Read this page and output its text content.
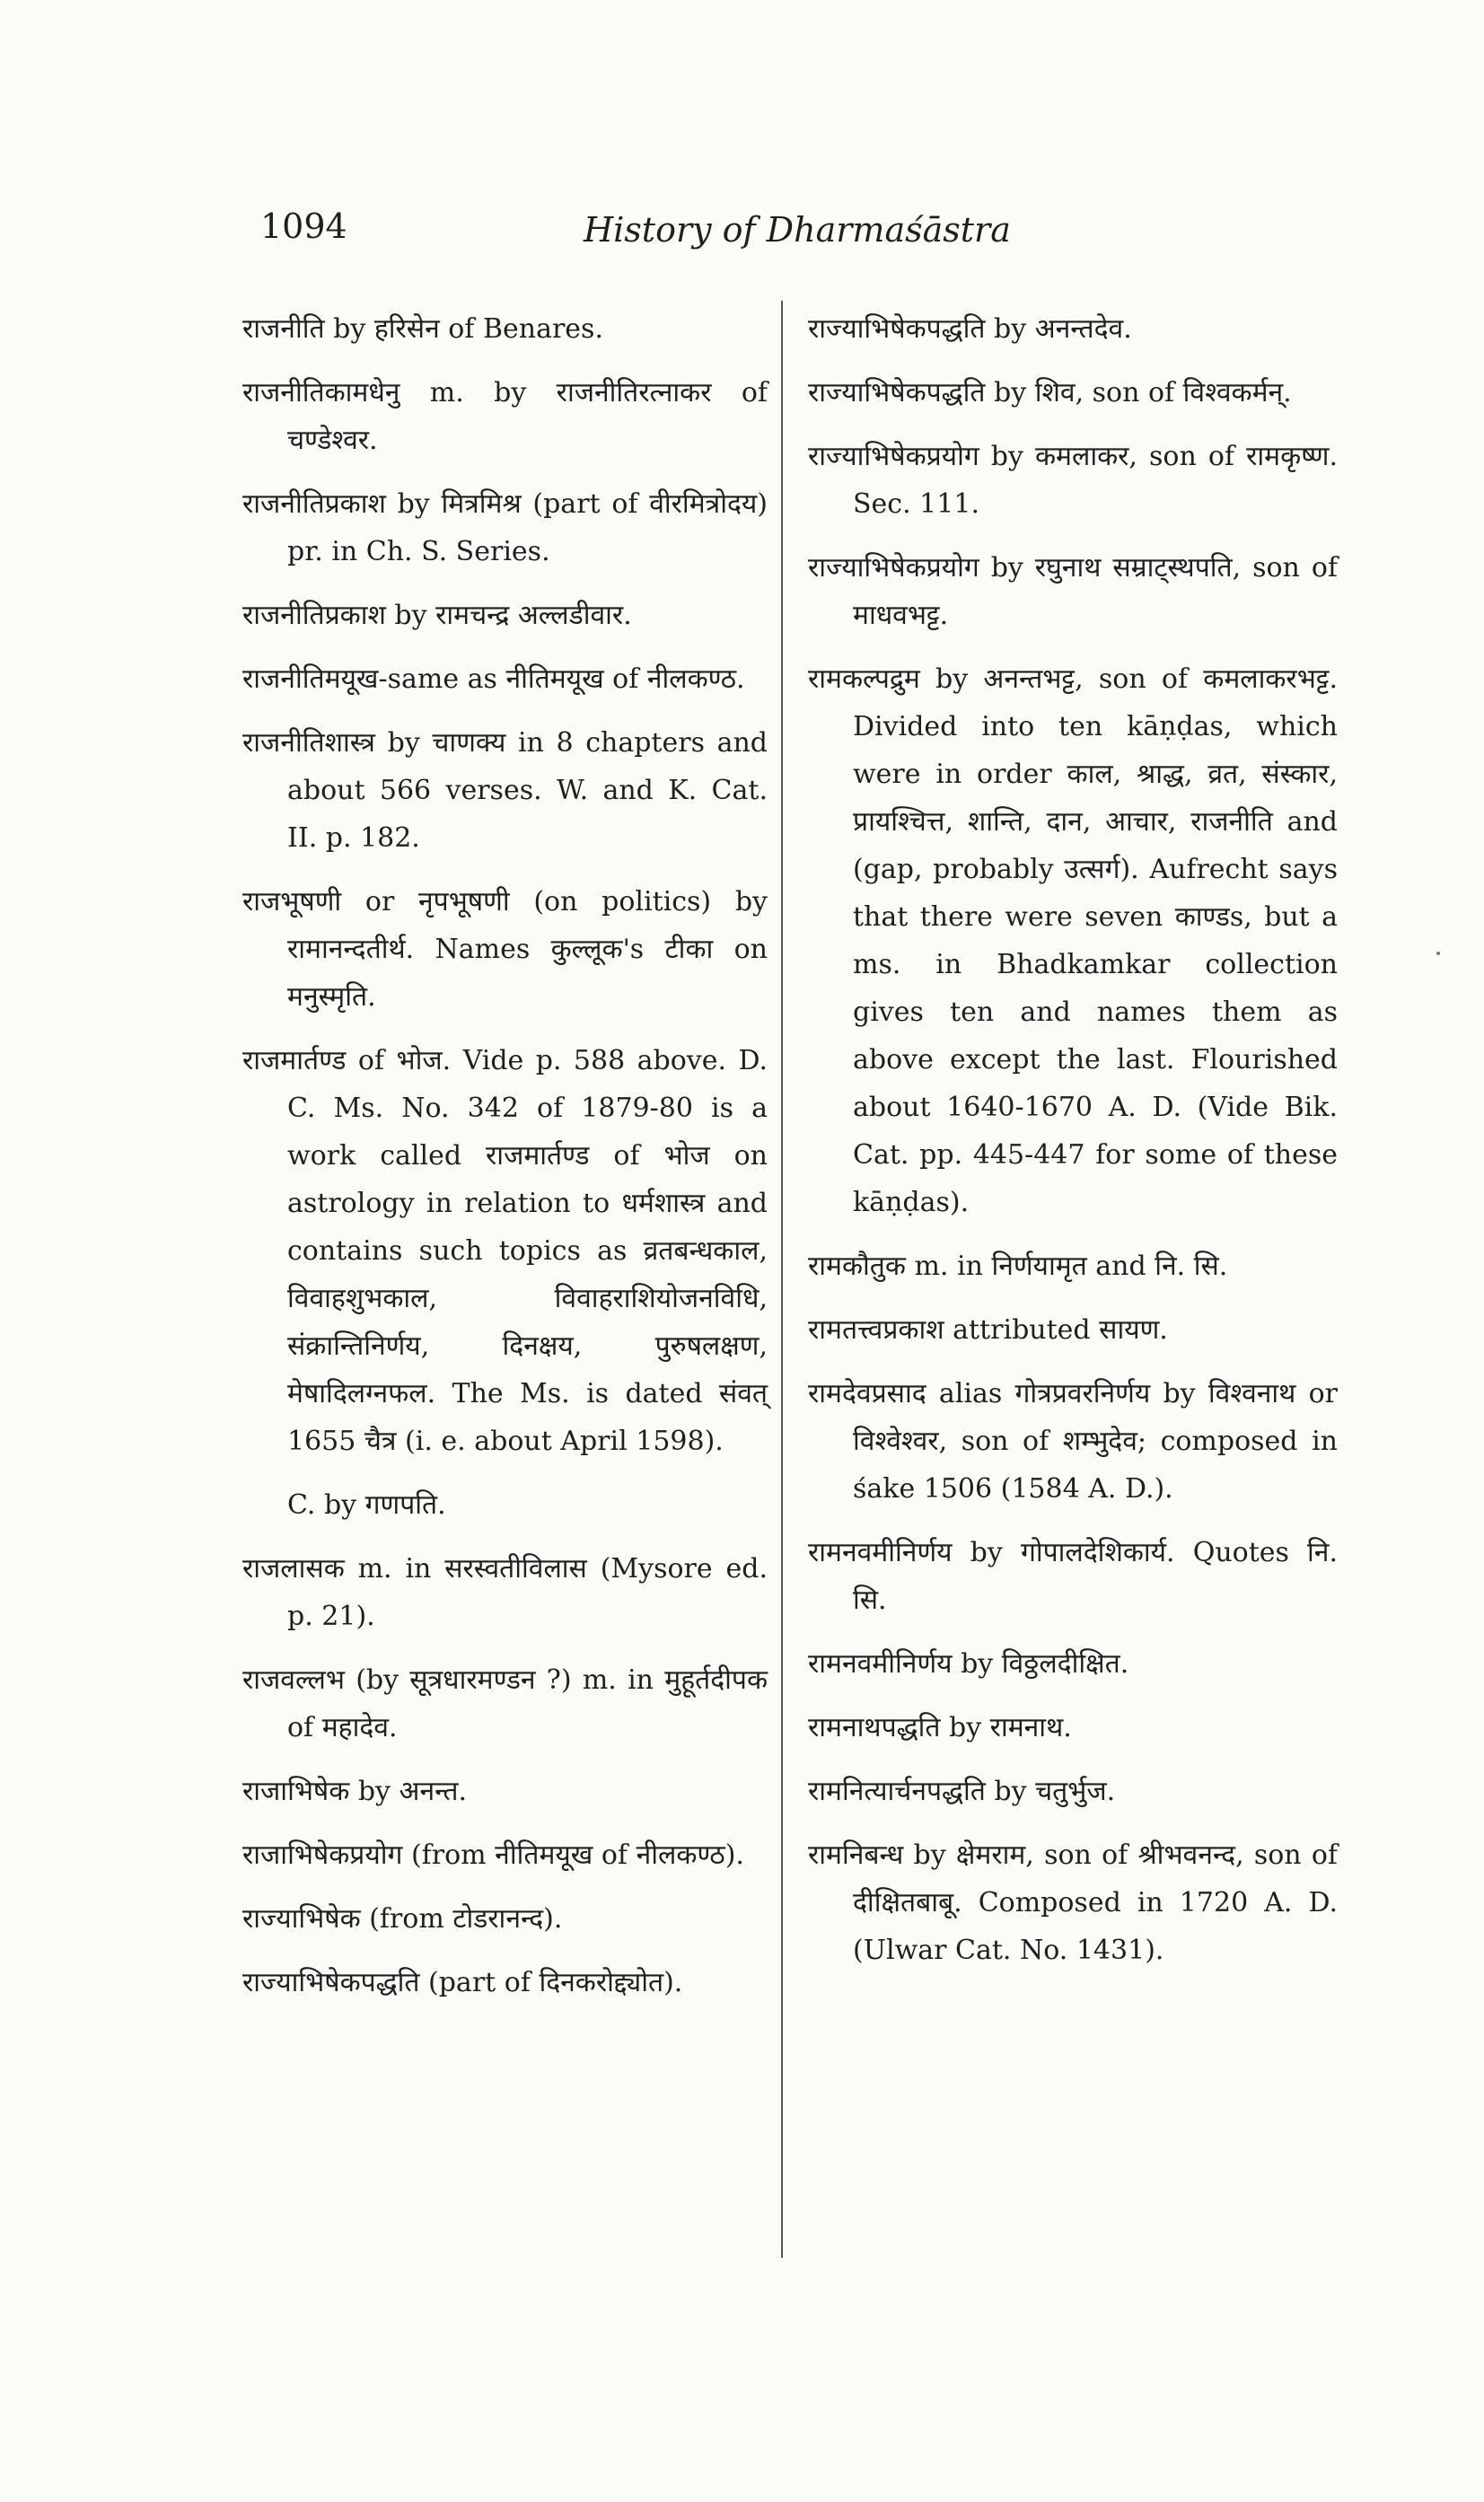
1094	History of Dharmaśāstra
राजनीति by हरिसेन of Benares.
राजनीतिकामधेनु m. by राजनीतिरत्नाकर of चण्डेश्वर.
राजनीतिप्रकाश by मित्रमिश्र (part of वीरमित्रोदय) pr. in Ch. S. Series.
राजनीतिप्रकाश by रामचन्द्र अल्लडीवार.
राजनीतिमयूख-same as नीतिमयूख of नीलकण्ठ.
राजनीतिशास्त्र by चाणक्य in 8 chapters and about 566 verses. W. and K. Cat. II. p. 182.
राजभूषणी or नृपभूषणी (on politics) by रामानन्दतीर्थ. Names कुल्लूक's टीका on मनुस्मृति.
राजमार्तण्ड of भोज. Vide p. 588 above. D. C. Ms. No. 342 of 1879-80 is a work called राजमार्तण्ड of भोज on astrology in relation to धर्मशास्त्र and contains such topics as व्रतबन्धकाल, विवाहशुभकाल, विवाहराशियोजनविधि, संक्रान्तिनिर्णय, दिनक्षय, पुरुषलक्षण, मेषादिलग्नफल. The Ms. is dated संवत् 1655 चैत्र (i. e. about April 1598).
C. by गणपति.
राजलासक m. in सरस्वतीविलास (Mysore ed. p. 21).
राजवल्लभ (by सूत्रधारमण्डन ?) m. in मुहूर्तदीपक of महादेव.
राजाभिषेक by अनन्त.
राजाभिषेकप्रयोग (from नीतिमयूख of नीलकण्ठ).
राज्याभिषेक (from टोडरानन्द).
राज्याभिषेकपद्धति (part of दिनकरोद्द्योत).
राज्याभिषेकपद्धति by अनन्तदेव.
राज्याभिषेकपद्धति by शिव, son of विश्वकर्मन्.
राज्याभिषेकप्रयोग by कमलाकर, son of रामकृष्ण. Sec. 111.
राज्याभिषेकप्रयोग by रघुनाथ सम्राट्स्थपति, son of माधवभट्ट.
रामकल्पद्रुम by अनन्तभट्ट, son of कमलाकरभट्ट. Divided into ten kāṇḍas, which were in order काल, श्राद्ध, व्रत, संस्कार, प्रायश्चित्त, शान्ति, दान, आचार, राजनीति and (gap, probably उत्सर्ग). Aufrecht says that there were seven काण्डs, but a ms. in Bhadkamkar collection gives ten and names them as above except the last. Flourished about 1640-1670 A. D. (Vide Bik. Cat. pp. 445-447 for some of these kāṇḍas).
रामकौतुक m. in निर्णयामृत and नि. सि.
रामतत्त्वप्रकाश attributed सायण.
रामदेवप्रसाद alias गोत्रप्रवरनिर्णय by विश्वनाथ or विश्वेश्वर, son of शम्भुदेव; composed in śake 1506 (1584 A. D.).
रामनवमीनिर्णय by गोपालदेशिकार्य. Quotes नि. सि.
रामनवमीनिर्णय by विठ्ठलदीक्षित.
रामनाथपद्धति by रामनाथ.
रामनित्यार्चनपद्धति by चतुर्भुज.
रामनिबन्ध by क्षेमराम, son of श्रीभवनन्द, son of दीक्षितबाबू. Composed in 1720 A. D. (Ulwar Cat. No. 1431).
